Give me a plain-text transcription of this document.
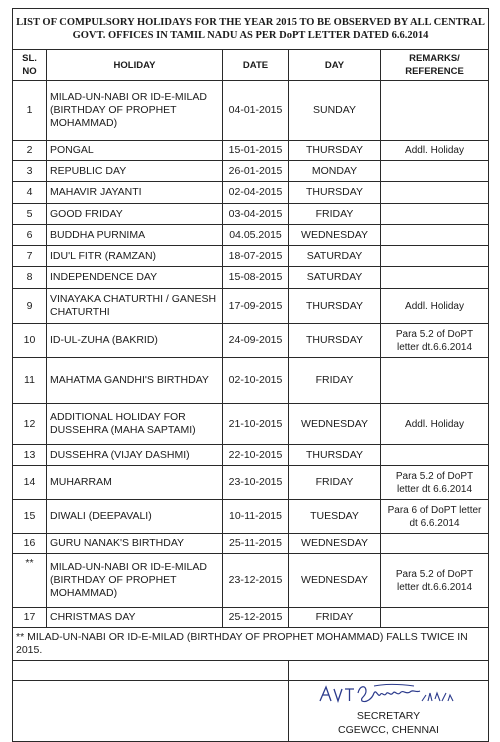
LIST OF COMPULSORY HOLIDAYS FOR THE YEAR 2015 TO BE OBSERVED BY ALL CENTRAL
GOVT. OFFICES IN TAMIL NADU AS PER DoPT LETTER DATED 6.6.2014				
SL.
NO	HOLIDAY	DATE	DAY	REMARKS/
REFERENCE
1	MILAD-UN-NABI OR ID-E-MILAD (BIRTHDAY OF PROPHET MOHAMMAD)	04-01-2015	SUNDAY	
2	PONGAL	15-01-2015	THURSDAY	Addl. Holiday
3	REPUBLIC DAY	26-01-2015	MONDAY	
4	MAHAVIR JAYANTI	02-04-2015	THURSDAY	
5	GOOD FRIDAY	03-04-2015	FRIDAY	
6	BUDDHA PURNIMA	04.05.2015	WEDNESDAY	
7	IDU'L FITR (RAMZAN)	18-07-2015	SATURDAY	
8	INDEPENDENCE DAY	15-08-2015	SATURDAY	
9	VINAYAKA CHATURTHI / GANESH CHATURTHI	17-09-2015	THURSDAY	Addl. Holiday
10	ID-UL-ZUHA (BAKRID)	24-09-2015	THURSDAY	Para 5.2 of DoPT letter dt.6.6.2014
11	MAHATMA GANDHI'S BIRTHDAY	02-10-2015	FRIDAY	
12	ADDITIONAL HOLIDAY FOR DUSSEHRA (MAHA SAPTAMI)	21-10-2015	WEDNESDAY	Addl. Holiday
13	DUSSEHRA (VIJAY DASHMI)	22-10-2015	THURSDAY	
14	MUHARRAM	23-10-2015	FRIDAY	Para 5.2 of DoPT letter dt 6.6.2014
15	DIWALI (DEEPAVALI)	10-11-2015	TUESDAY	Para 6 of DoPT letter dt 6.6.2014
16	GURU NANAK'S BIRTHDAY	25-11-2015	WEDNESDAY	
**	MILAD-UN-NABI OR ID-E-MILAD (BIRTHDAY OF PROPHET MOHAMMAD)	23-12-2015	WEDNESDAY	Para 5.2 of DoPT letter dt.6.6.2014
17	CHRISTMAS DAY	25-12-2015	FRIDAY	
** MILAD-UN-NABI OR ID-E-MILAD (BIRTHDAY OF PROPHET MOHAMMAD) FALLS TWICE IN 2015.				

			SECRETARY
CGEWCC, CHENNAI	
